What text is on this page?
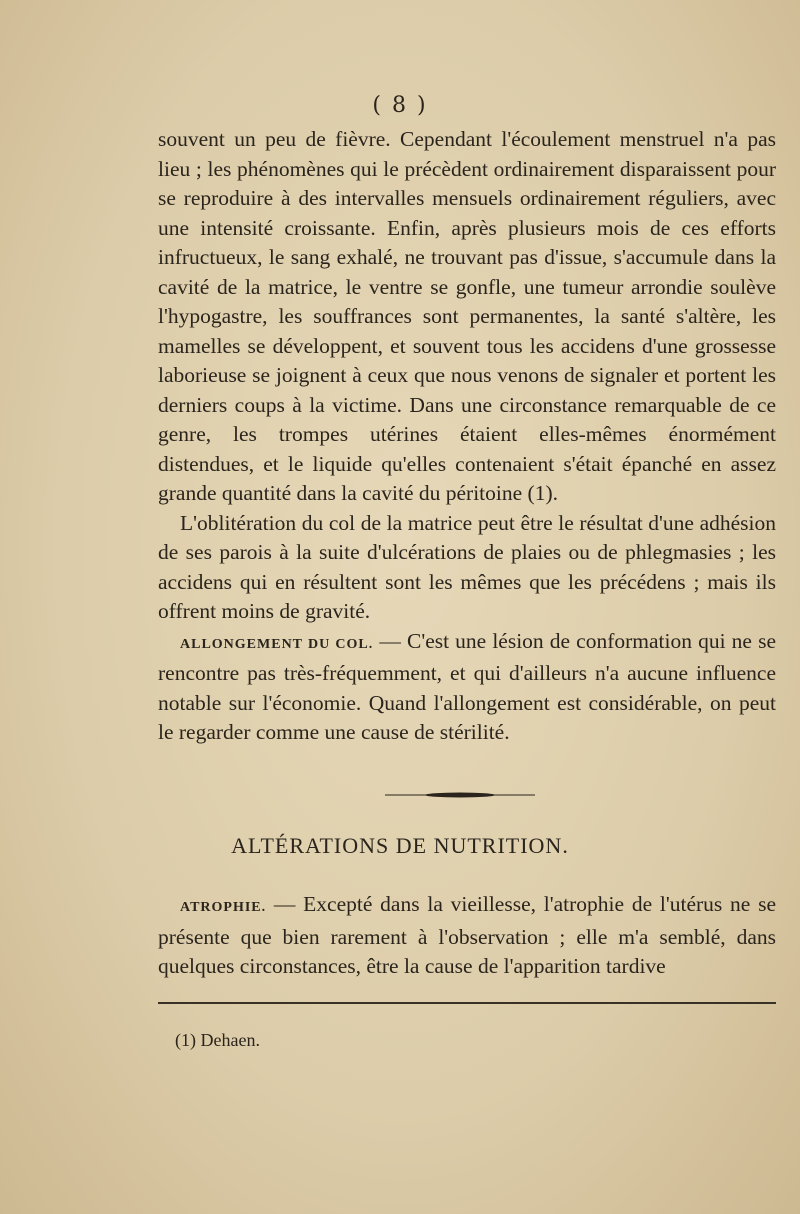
( 8 )

souvent un peu de fièvre. Cependant l'écoulement menstruel n'a pas lieu ; les phénomènes qui le précèdent ordinairement disparaissent pour se reproduire à des intervalles mensuels ordinairement réguliers, avec une intensité croissante. Enfin, après plusieurs mois de ces efforts infructueux, le sang exhalé, ne trouvant pas d'issue, s'accumule dans la cavité de la matrice, le ventre se gonfle, une tumeur arrondie soulève l'hypogastre, les souffrances sont permanentes, la santé s'altère, les mamelles se développent, et souvent tous les accidens d'une grossesse laborieuse se joignent à ceux que nous venons de signaler et portent les derniers coups à la victime. Dans une circonstance remarquable de ce genre, les trompes utérines étaient elles-mêmes énormément distendues, et le liquide qu'elles contenaient s'était épanché en assez grande quantité dans la cavité du péritoine (1).

L'oblitération du col de la matrice peut être le résultat d'une adhésion de ses parois à la suite d'ulcérations de plaies ou de phlegmasies ; les accidens qui en résultent sont les mêmes que les précédens ; mais ils offrent moins de gravité.

ALLONGEMENT DU COL. — C'est une lésion de conformation qui ne se rencontre pas très-fréquemment, et qui d'ailleurs n'a aucune influence notable sur l'économie. Quand l'allongement est considérable, on peut le regarder comme une cause de stérilité.

ALTÉRATIONS DE NUTRITION.

ATROPHIE. — Excepté dans la vieillesse, l'atrophie de l'utérus ne se présente que bien rarement à l'observation ; elle m'a semblé, dans quelques circonstances, être la cause de l'apparition tardive

(1) Dehaen.
